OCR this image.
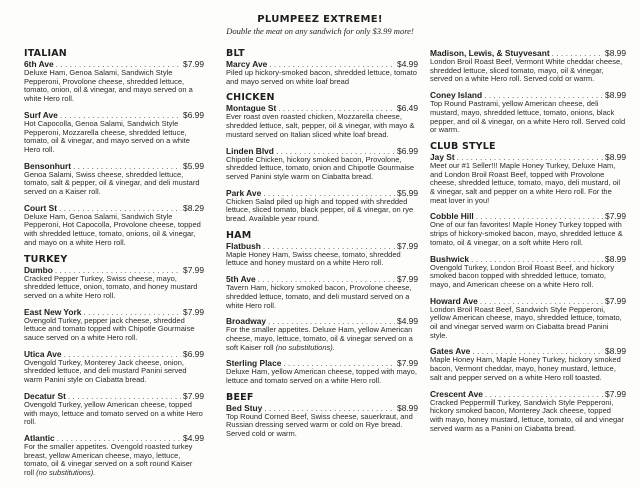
PLUMPEEZ EXTREME!
Double the meat on any sandwich for only $3.99 more!
ITALIAN
6th Ave . . .	$7.99
Deluxe Ham, Genoa Salami, Sandwich Style Pepperoni, Provolone cheese, shredded lettuce, tomato, onion, oil & vinegar, and mayo served on a white Hero roll.
Surf Ave . . .	$6.99
Hot Capocolla, Genoa Salami, Sandwich Style Pepperoni, Mozzarella cheese, shredded lettuce, tomato, oil & vinegar, and mayo served on a white Hero roll.
Bensonhurt . . .	$5.99
Genoa Salami, Swiss cheese, shredded lettuce, tomato, salt & pepper, oil & vinegar, and deli mustard served on a Kaiser roll.
Court St . . .	$8.29
Deluxe Ham, Genoa Salami, Sandwich Style Pepperoni, Hot Capocolla, Provolone cheese, topped with shredded lettuce, tomato, onions, oil & vinegar, and mayo on a white Hero roll.
TURKEY
Dumbo . . .	$7.99
Cracked Pepper Turkey, Swiss cheese, mayo, shredded lettuce, onion, tomato, and honey mustard served on a white Hero roll.
East New York . . .	$7.99
Ovengold Turkey, pepper jack cheese, shredded lettuce and tomato topped with Chipotle Gourmaise sauce served on a white Hero roll.
Utica Ave . . .	$6.99
Ovengold Turkey, Monterey Jack cheese, onion, shredded lettuce, and deli mustard Panini served warm Panini style on Ciabatta bread.
Decatur St . . .	$7.99
Ovengold Turkey, yellow American cheese, topped with mayo, lettuce and tomato served on a white Hero roll.
Atlantic . . .	$4.99
For the smaller appetites. Ovengold roasted turkey breast, yellow American cheese, mayo, lettuce, tomato, oil & vinegar served on a soft round Kaiser roll (no substitutions).
BLT
Marcy Ave . . .	$4.99
Piled up hickory-smoked bacon, shredded lettuce, tomato and mayo served on white loaf bread
CHICKEN
Montague St . . .	$6.49
Ever roast oven roasted chicken, Mozzarella cheese, shredded lettuce, salt, pepper, oil & vinegar, with mayo & mustard served on Italian sliced white loaf bread.
Linden Blvd . . .	$6.99
Chipotle Chicken, hickory smoked bacon, Provolone, shredded lettuce, tomato, onion and Chipotle Gourmaise served Panini style warm on Ciabatta bread.
Park Ave . . .	$5.99
Chicken Salad piled up high and topped with shredded lettuce, sliced tomato, black pepper, oil & vinegar, on rye bread. Available year round.
HAM
Flatbush . . .	$7.99
Maple Honey Ham, Swiss cheese, tomato, shredded lettuce and honey mustard on a white Hero roll.
5th Ave . . .	$7.99
Tavern Ham, hickory smoked bacon, Provolone cheese, shredded lettuce, tomato, and deli mustard served on a white Hero roll.
Broadway . . .	$4.99
For the smaller appetites. Deluxe Ham, yellow American cheese, mayo, lettuce, tomato, oil & vinegar served on a soft Kaiser roll (no substitutions).
Sterling Place . . .	$7.99
Deluxe Ham, yellow American cheese, topped with mayo, lettuce and tomato served on a white Hero roll.
BEEF
Bed Stuy . . .	$8.99
Top Round Corned Beef, Swiss cheese, sauerkraut, and Russian dressing served warm or cold on Rye bread. Served cold or warm.
Madison, Lewis, & Stuyvesant . . .	$8.99
London Broil Roast Beef, Vermont White cheddar cheese, shredded lettuce, sliced tomato, mayo, oil & vinegar, served on a white Hero roll. Served cold or warm.
Coney Island . . .	$8.99
Top Round Pastrami, yellow American cheese, deli mustard, mayo, shredded lettuce, tomato, onions, black pepper, and oil & vinegar, on a white Hero roll. Served cold or warm.
CLUB STYLE
Jay St . . .	$8.99
Meet our #1 Seller!!! Maple Honey Turkey, Deluxe Ham, and London Broil Roast Beef, topped with Provolone cheese, shredded lettuce, tomato, mayo, deli mustard, oil & vinegar, salt and pepper on a white Hero roll. For the meat lover in you!
Cobble Hill . . .	$7.99
One of our fan favorites! Maple Honey Turkey topped with strips of hickory-smoked bacon, mayo, shredded lettuce & tomato, oil & vinegar, on a soft white Hero roll.
Bushwick . . .	$8.99
Ovengold Turkey, London Broil Roast Beef, and hickory smoked bacon topped with shredded lettuce, tomato, mayo, and American cheese on a white Hero roll.
Howard Ave . . .	$7.99
London Broil Roast Beef, Sandwich Style Pepperoni, yellow American cheese, mayo, shredded lettuce, tomato, oil and vinegar served warm on Ciabatta bread Panini style.
Gates Ave . . .	$8.99
Maple Honey Ham, Maple Honey Turkey, hickory smoked bacon, Vermont cheddar, mayo, honey mustard, lettuce, salt and pepper served on a white Hero roll toasted.
Crescent Ave . . .	$7.99
Cracked Peppermill Turkey, Sandwich Style Pepperoni, hickory smoked bacon, Monterey Jack cheese, topped with mayo, honey mustard, lettuce, tomato, oil and vinegar served warm as a Panini on Ciabatta bread.
